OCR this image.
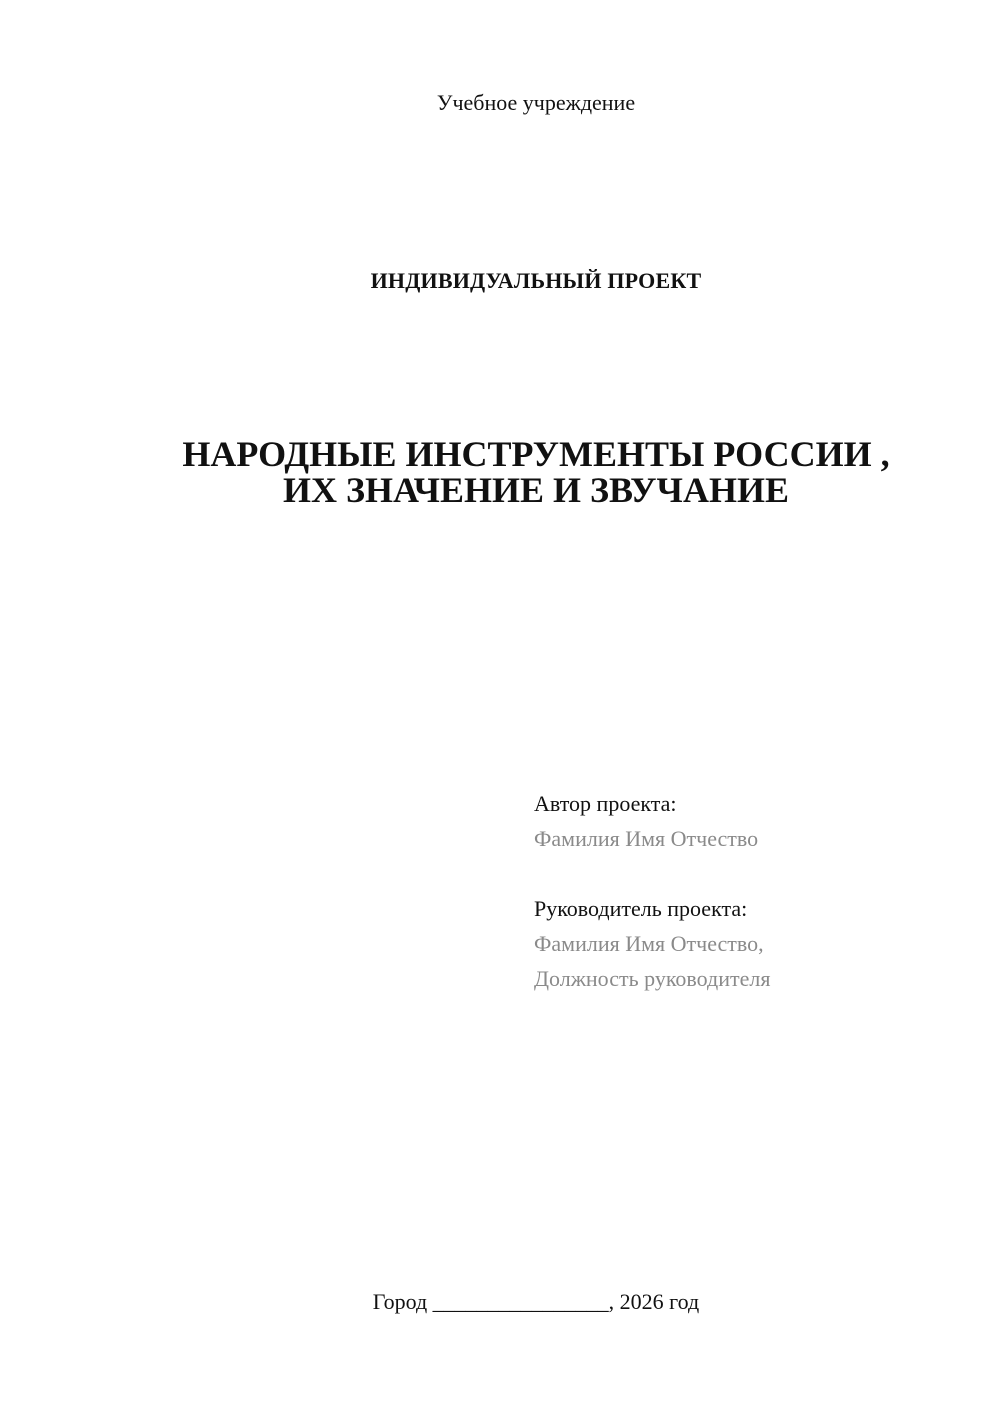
Учебное учреждение
ИНДИВИДУАЛЬНЫЙ ПРОЕКТ
НАРОДНЫЕ ИНСТРУМЕНТЫ РОССИИ ,
ИХ ЗНАЧЕНИЕ И ЗВУЧАНИЕ
Автор проекта:
Фамилия Имя Отчество
Руководитель проекта:
Фамилия Имя Отчество,
Должность руководителя
Город ________________, 2026 год
